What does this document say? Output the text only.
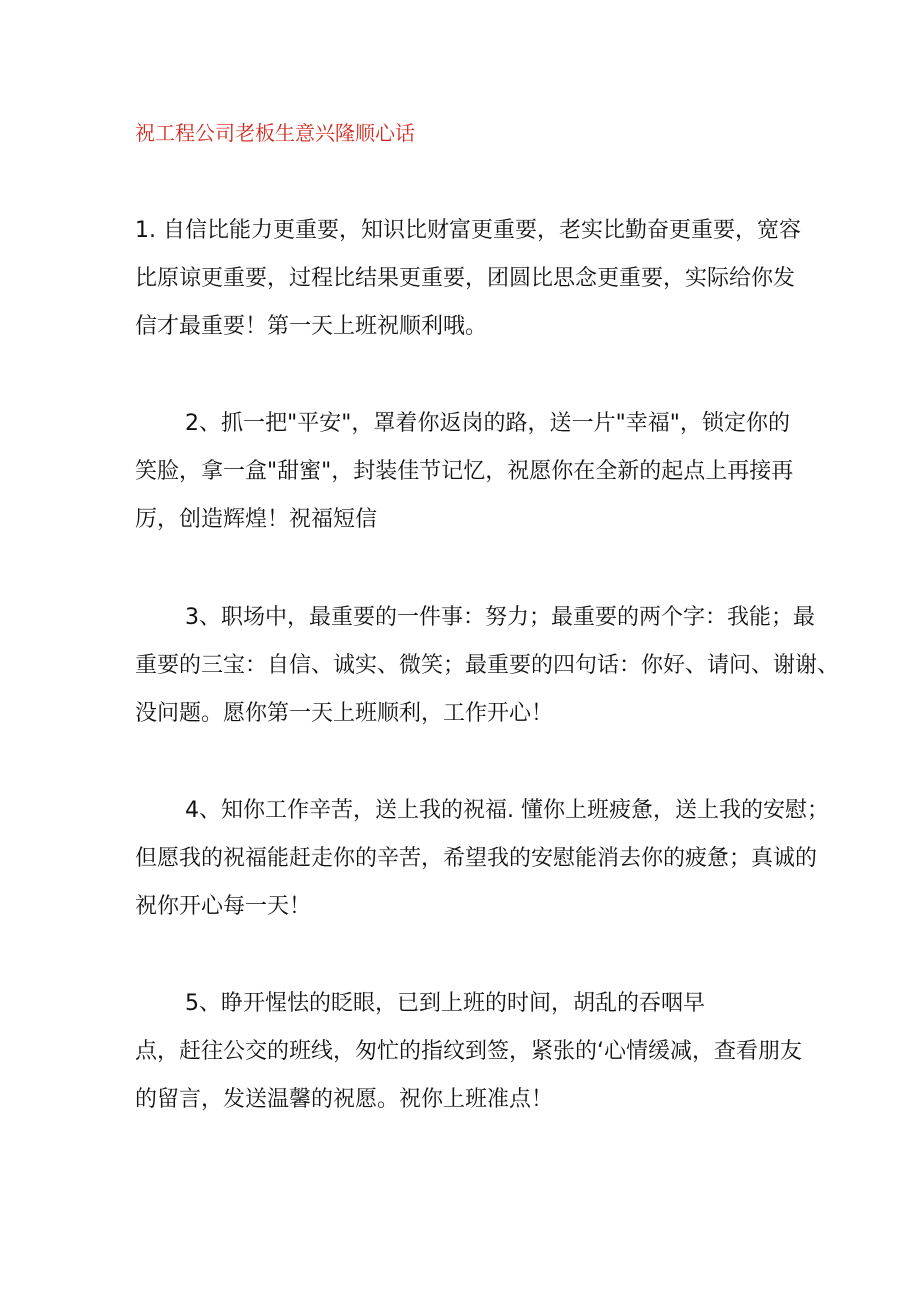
祝工程公司老板生意兴隆顺心话
1. 自信比能力更重要，知识比财富更重要，老实比勤奋更重要，宽容
比原谅更重要，过程比结果更重要，团圆比思念更重要，实际给你发
信才最重要！第一天上班祝顺利哦。
2、抓一把"平安"，罩着你返岗的路，送一片"幸福"，锁定你的
笑脸，拿一盒"甜蜜"，封装佳节记忆，祝愿你在全新的起点上再接再
厉，创造辉煌！祝福短信
3、职场中，最重要的一件事：努力；最重要的两个字：我能；最
重要的三宝：自信、诚实、微笑；最重要的四句话：你好、请问、谢谢、
没问题。愿你第一天上班顺利，工作开心！
4、知你工作辛苦，送上我的祝福. 懂你上班疲惫，送上我的安慰；
但愿我的祝福能赶走你的辛苦，希望我的安慰能消去你的疲惫；真诚的
祝你开心每一天！
5、睁开惺怯的眨眼，已到上班的时间，胡乱的吞咽早
点，赶往公交的班线，匆忙的指纹到签，紧张的‘心情缓减，查看朋友
的留言，发送温馨的祝愿。祝你上班准点！
